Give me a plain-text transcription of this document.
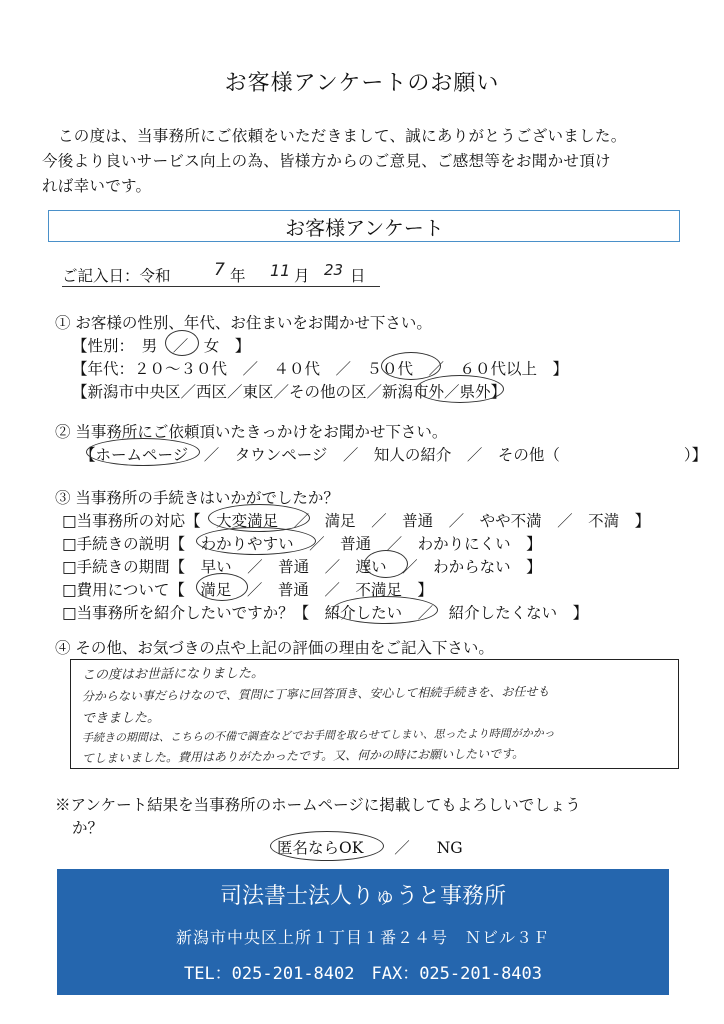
お客様アンケートのお願い
この度は、当事務所にご依頼をいただきまして、誠にありがとうございました。
今後より良いサービス向上の為、皆様方からのご意見、ご感想等をお聞かせ頂け
れば幸いです。
お客様アンケート
ご記入日：令和	7 年 11 月 23 日
① お客様の性別、年代、お住まいをお聞かせ下さい。
【性別：　男　／　女　】
【年代：２０～３０代　／　４０代　／　５０代　／　６０代以上　】
【新潟市中央区／西区／東区／その他の区／新潟市外／県外】
② 当事務所にご依頼頂いたきっかけをお聞かせ下さい。
【ホームページ　／　タウンページ　／　知人の紹介　／　その他（　　　　　　　　）】
③ 当事務所の手続きはいかがでしたか？
□当事務所の対応【　大変満足　／　満足　／　普通　／　やや不満　／　不満　】
□手続きの説明【　わかりやすい　／　普通　／　わかりにくい　】
□手続きの期間【　早い　／　普通　／　遅い　／　わからない　】
□費用について【　満足　／　普通　／　不満足　】
□当事務所を紹介したいですか？【　紹介したい　／　紹介したくない　】
④ その他、お気づきの点や上記の評価の理由をご記入下さい。
この度はお世話になりました。
分からない事だらけなので、質問に丁寧に回答頂き、安心して相続手続きを、お任せも
できました。
手続きの期間は、こちらの不備で調査などでお手間を取らせてしまい、思ったより時間がかかっ
てしまいました。費用はありがたかったです。又、何かの時にお願いしたいです。
※アンケート結果を当事務所のホームページに掲載してもよろしいでしょう
か？
匿名ならOK ／ NG
司法書士法人りゅうと事務所
新潟市中央区上所１丁目１番２４号　Ｎビル３Ｆ
TEL：025-201-8402　FAX：025-201-8403
